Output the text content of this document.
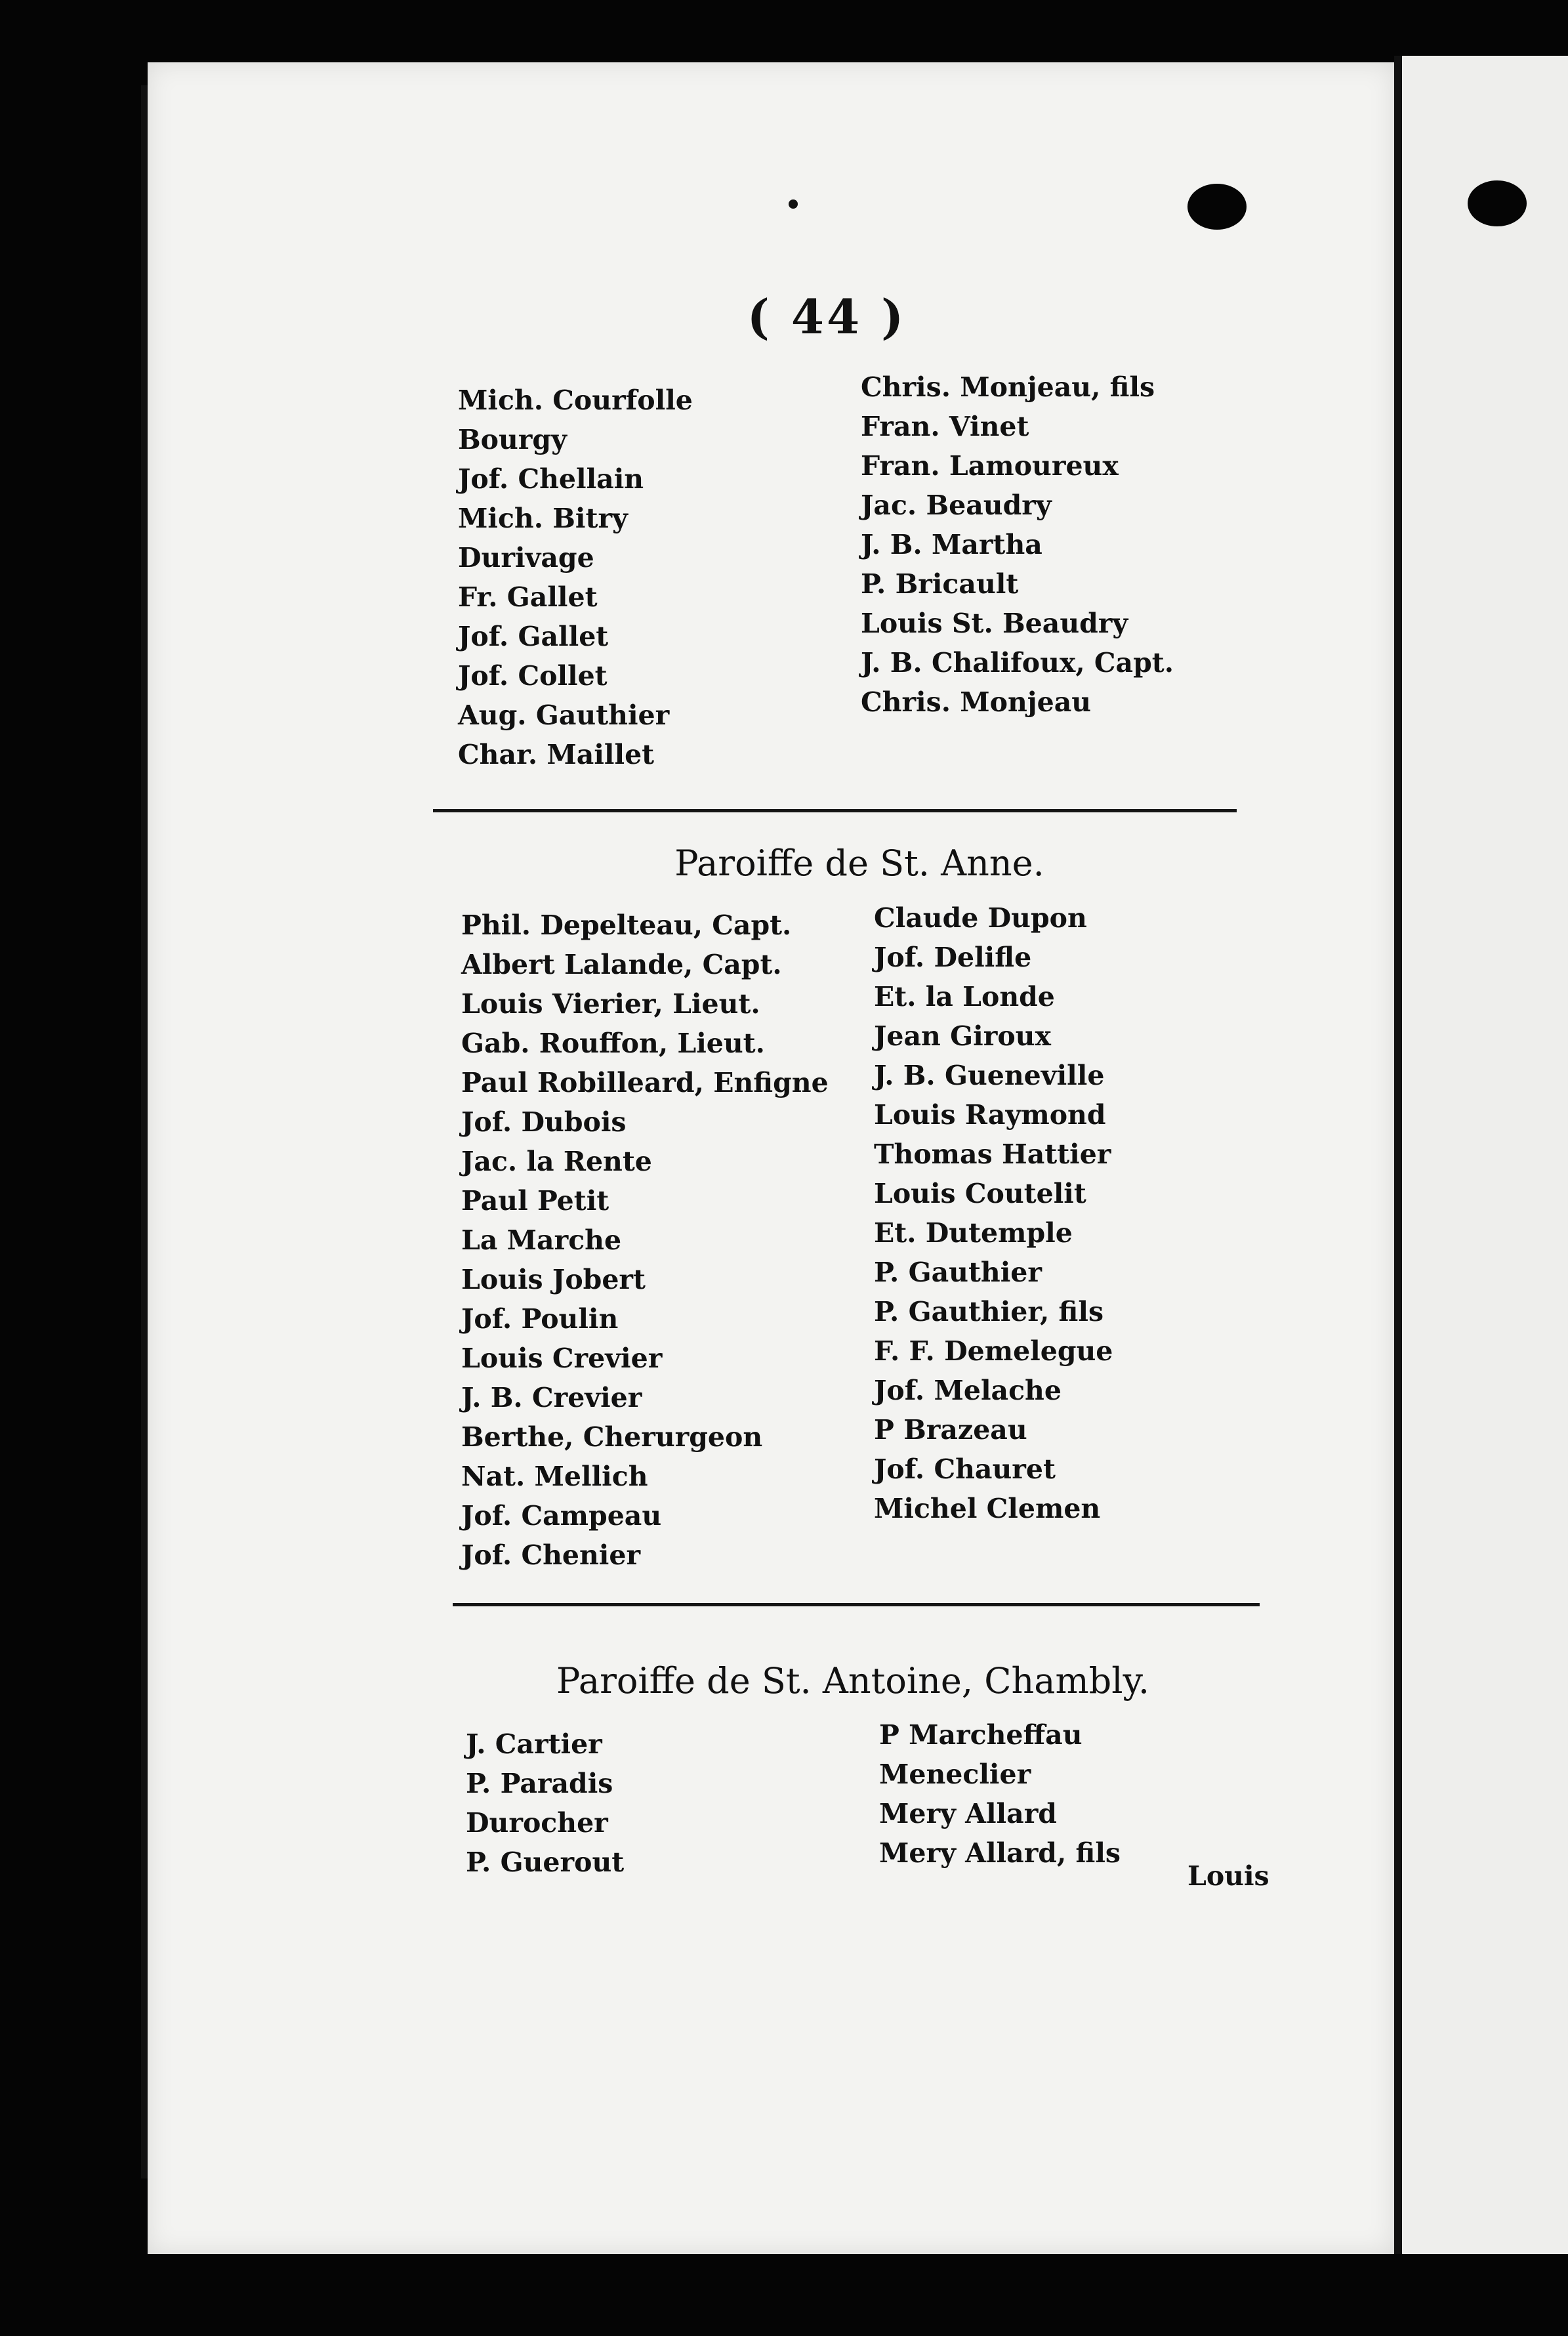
( 44 )
Mich. Courfolle
Bourgy
Jof. Chellain
Mich. Bitry
Durivage
Fr. Gallet
Jof. Gallet
Jof. Collet
Aug. Gauthier
Char. Maillet
Chris. Monjeau, fils
Fran. Vinet
Fran. Lamoureux
Jac. Beaudry
J. B. Martha
P. Bricault
Louis St. Beaudry
J. B. Chalifoux, Capt.
Chris. Monjeau
Paroiffe de St. Anne.
Phil. Depelteau, Capt.
Albert Lalande, Capt.
Louis Vierier, Lieut.
Gab. Rouffon, Lieut.
Paul Robilleard, Enfigne
Jof. Dubois
Jac. la Rente
Paul Petit
La Marche
Louis Jobert
Jof. Poulin
Louis Crevier
J. B. Crevier
Berthe, Cherurgeon
Nat. Mellich
Jof. Campeau
Jof. Chenier
Claude Dupon
Jof. Delifle
Et. la Londe
Jean Giroux
J. B. Gueneville
Louis Raymond
Thomas Hattier
Louis Coutelit
Et. Dutemple
P. Gauthier
P. Gauthier, fils
F. F. Demelegue
Jof. Melache
P Brazeau
Jof. Chauret
Michel Clemen
Paroiffe de St. Antoine, Chambly.
J. Cartier
P. Paradis
Durocher
P. Guerout
P Marcheffau
Meneclier
Mery Allard
Mery Allard, fils
Louis
